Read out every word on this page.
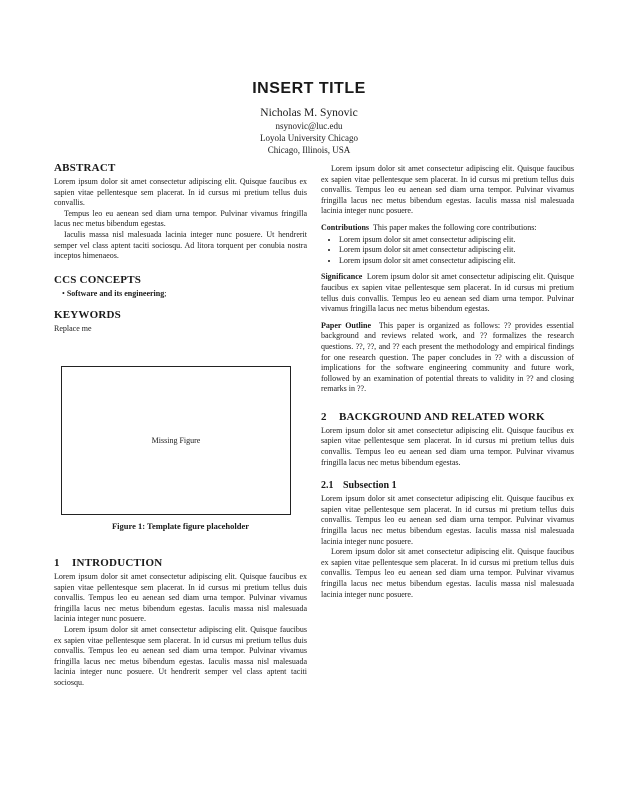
INSERT TITLE
Nicholas M. Synovic
nsynovic@luc.edu
Loyola University Chicago
Chicago, Illinois, USA
ABSTRACT

Lorem ipsum dolor sit amet consectetur adipiscing elit. Quisque faucibus ex sapien vitae pellentesque sem placerat. In id cursus mi pretium tellus duis convallis.

Tempus leo eu aenean sed diam urna tempor. Pulvinar vivamus fringilla lacus nec metus bibendum egestas.

Iaculis massa nisl malesuada lacinia integer nunc posuere. Ut hendrerit semper vel class aptent taciti sociosqu. Ad litora torquent per conubia nostra inceptos himenaeos.

CCS CONCEPTS
• Software and its engineering;
KEYWORDS

Replace me

Missing Figure
Figure 1: Template figure placeholder
1 INTRODUCTION

Lorem ipsum dolor sit amet consectetur adipiscing elit. Quisque faucibus ex sapien vitae pellentesque sem placerat. In id cursus mi pretium tellus duis convallis. Tempus leo eu aenean sed diam urna tempor. Pulvinar vivamus fringilla lacus nec metus bibendum egestas. Iaculis massa nisl malesuada lacinia integer nunc posuere.

Lorem ipsum dolor sit amet consectetur adipiscing elit. Quisque faucibus ex sapien vitae pellentesque sem placerat. In id cursus mi pretium tellus duis convallis. Tempus leo eu aenean sed diam urna tempor. Pulvinar vivamus fringilla lacus nec metus bibendum egestas. Iaculis massa nisl malesuada lacinia integer nunc posuere. Ut hendrerit semper vel class aptent taciti sociosqu.

Lorem ipsum dolor sit amet consectetur adipiscing elit. Quisque faucibus ex sapien vitae pellentesque sem placerat. In id cursus mi pretium tellus duis convallis. Tempus leo eu aenean sed diam urna tempor. Pulvinar vivamus fringilla lacus nec metus bibendum egestas. Iaculis massa nisl malesuada lacinia integer nunc posuere.

Contributions This paper makes the following core contributions:

• Lorem ipsum dolor sit amet consectetur adipiscing elit.
• Lorem ipsum dolor sit amet consectetur adipiscing elit.
• Lorem ipsum dolor sit amet consectetur adipiscing elit.

Significance Lorem ipsum dolor sit amet consectetur adipiscing elit. Quisque faucibus ex sapien vitae pellentesque sem placerat. In id cursus mi pretium tellus duis convallis. Tempus leo eu aenean sed diam urna tempor. Pulvinar vivamus fringilla lacus nec metus bibendum egestas.

Paper Outline This paper is organized as follows: ?? provides essential background and reviews related work, and ?? formalizes the research questions. ??, ??, and ?? each present the methodology and empirical findings for one research question. The paper concludes in ?? with a discussion of implications for the software engineering community and future work, followed by an examination of potential threats to validity in ?? and closing remarks in ??.

2	BACKGROUND AND RELATED WORK

Lorem ipsum dolor sit amet consectetur adipiscing elit. Quisque faucibus ex sapien vitae pellentesque sem placerat. In id cursus mi pretium tellus duis convallis. Tempus leo eu aenean sed diam urna tempor. Pulvinar vivamus fringilla lacus nec metus bibendum egestas.

2.1 Subsection 1

Lorem ipsum dolor sit amet consectetur adipiscing elit. Quisque faucibus ex sapien vitae pellentesque sem placerat. In id cursus mi pretium tellus duis convallis. Tempus leo eu aenean sed diam urna tempor. Pulvinar vivamus fringilla lacus nec metus bibendum egestas. Iaculis massa nisl malesuada lacinia integer nunc posuere.

Lorem ipsum dolor sit amet consectetur adipiscing elit. Quisque faucibus ex sapien vitae pellentesque sem placerat. In id cursus mi pretium tellus duis convallis. Tempus leo eu aenean sed diam urna tempor. Pulvinar vivamus fringilla lacus nec metus bibendum egestas. Iaculis massa nisl malesuada lacinia integer nunc posuere.
